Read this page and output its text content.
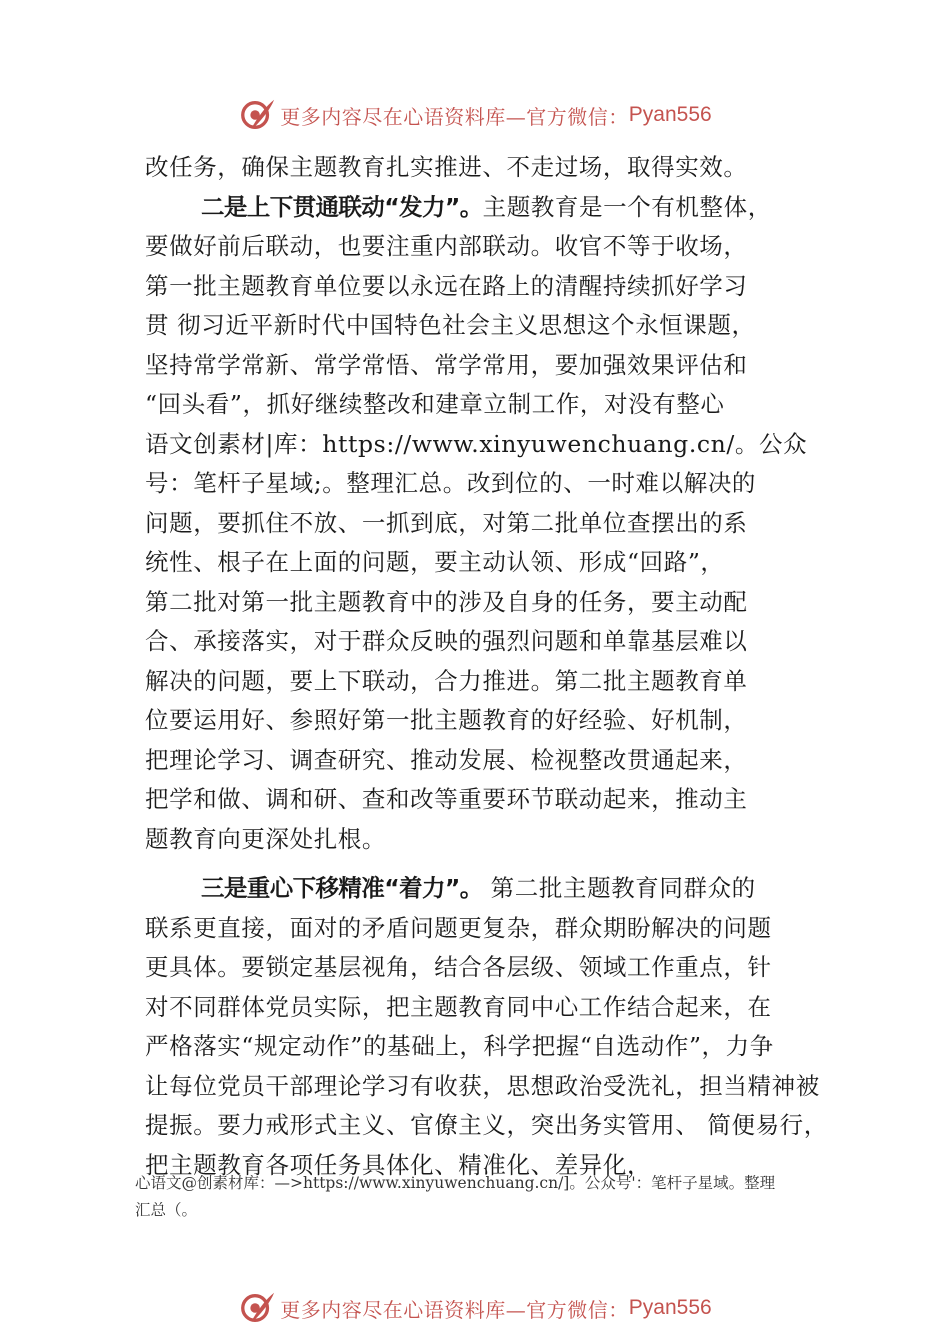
更多内容尽在心语资料库—官方微信： Pyan556
改任务，确保主题教育扎实推进、不走过场，取得实效。
二是上下贯通联动“发力”。主题教育是一个有机整体，
要做好前后联动，也要注重内部联动。收官不等于收场，
第一批主题教育单位要以永远在路上的清醒持续抓好学习
贯 彻习近平新时代中国特色社会主义思想这个永恒课题，
坚持常学常新、常学常悟、常学常用，要加强效果评估和
“回头看”，抓好继续整改和建章立制工作，对没有整心
语文创素材|库：https://www.xinyuwenchuang.cn/。公众
号：笔杆子星域;。整理汇总。改到位的、一时难以解决的
问题，要抓住不放、一抓到底，对第二批单位查摆出的系
统性、根子在上面的问题，要主动认领、形成“回路”，
第二批对第一批主题教育中的涉及自身的任务，要主动配
合、承接落实，对于群众反映的强烈问题和单靠基层难以
解决的问题，要上下联动，合力推进。第二批主题教育单
位要运用好、参照好第一批主题教育的好经验、好机制，
把理论学习、调查研究、推动发展、检视整改贯通起来，
把学和做、调和研、查和改等重要环节联动起来，推动主
题教育向更深处扎根。
三是重心下移精准“着力”。 第二批主题教育同群众的
联系更直接，面对的矛盾问题更复杂，群众期盼解决的问题
更具体。要锁定基层视角，结合各层级、领域工作重点，针
对不同群体党员实际，把主题教育同中心工作结合起来，在
严格落实“规定动作”的基础上，科学把握“自选动作”，力争
让每位党员干部理论学习有收获，思想政治受洗礼，担当精神被
提振。要力戒形式主义、官僚主义，突出务实管用、 简便易行，
把主题教育各项任务具体化、精准化、差异化，
心语文@创素材库：—>https://www.xinyuwenchuang.cn/]。公众号'：笔杆子星域。整理
汇总（。
更多内容尽在心语资料库—官方微信： Pyan556
